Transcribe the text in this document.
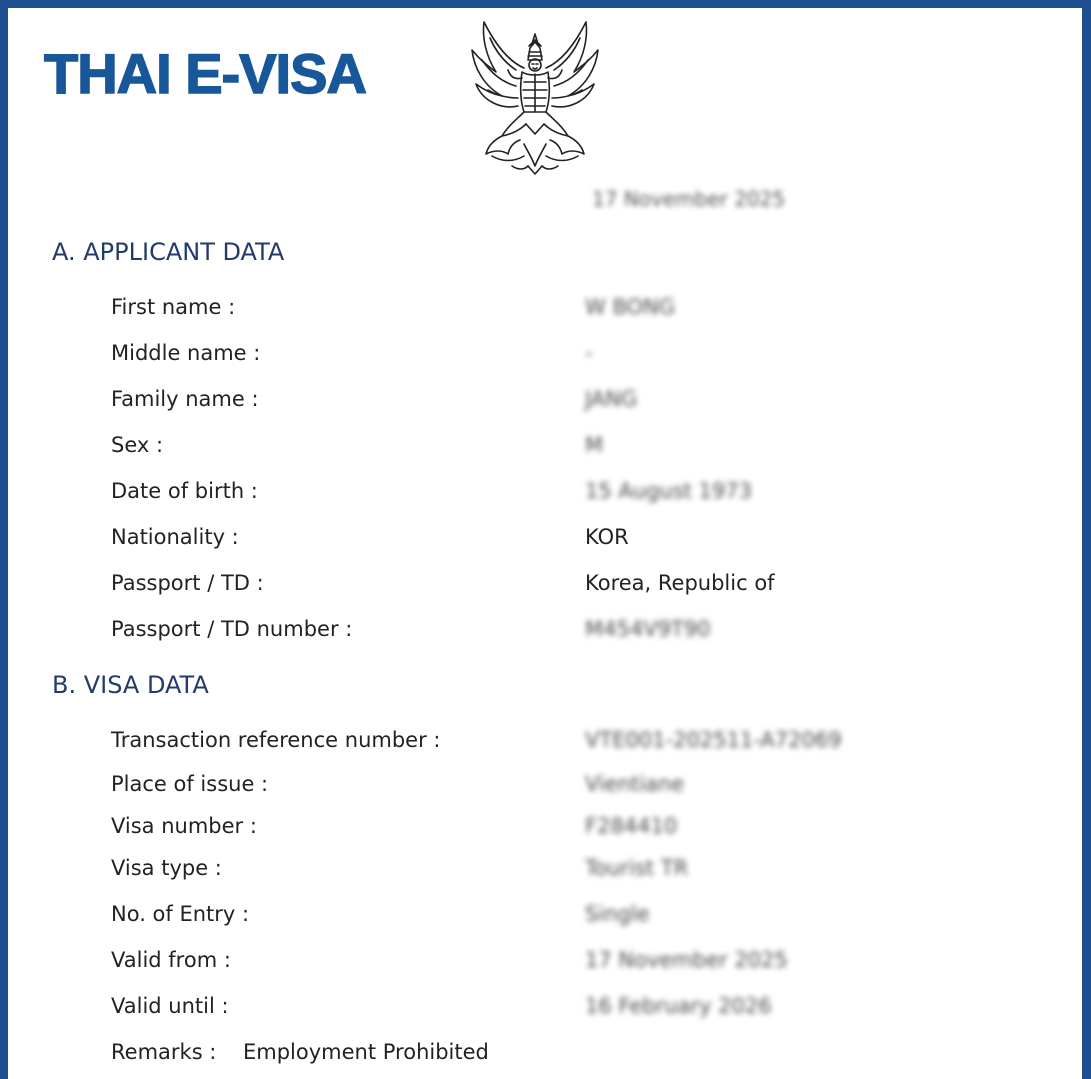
THAI E-VISA
17 November 2025
A. APPLICANT DATA
First name :	W BONG
Middle name :	-
Family name :	JANG
Sex :	M
Date of birth :	15 August 1973
Nationality :	KOR
Passport / TD :	Korea, Republic of
Passport / TD number :	M454V9T90
B. VISA DATA
Transaction reference number :	VTE001-202511-A72069
Place of issue :	Vientiane
Visa number :	F284410
Visa type :	Tourist TR
No. of Entry :	Single
Valid from :	17 November 2025
Valid until :	16 February 2026
Remarks : Employment Prohibited
